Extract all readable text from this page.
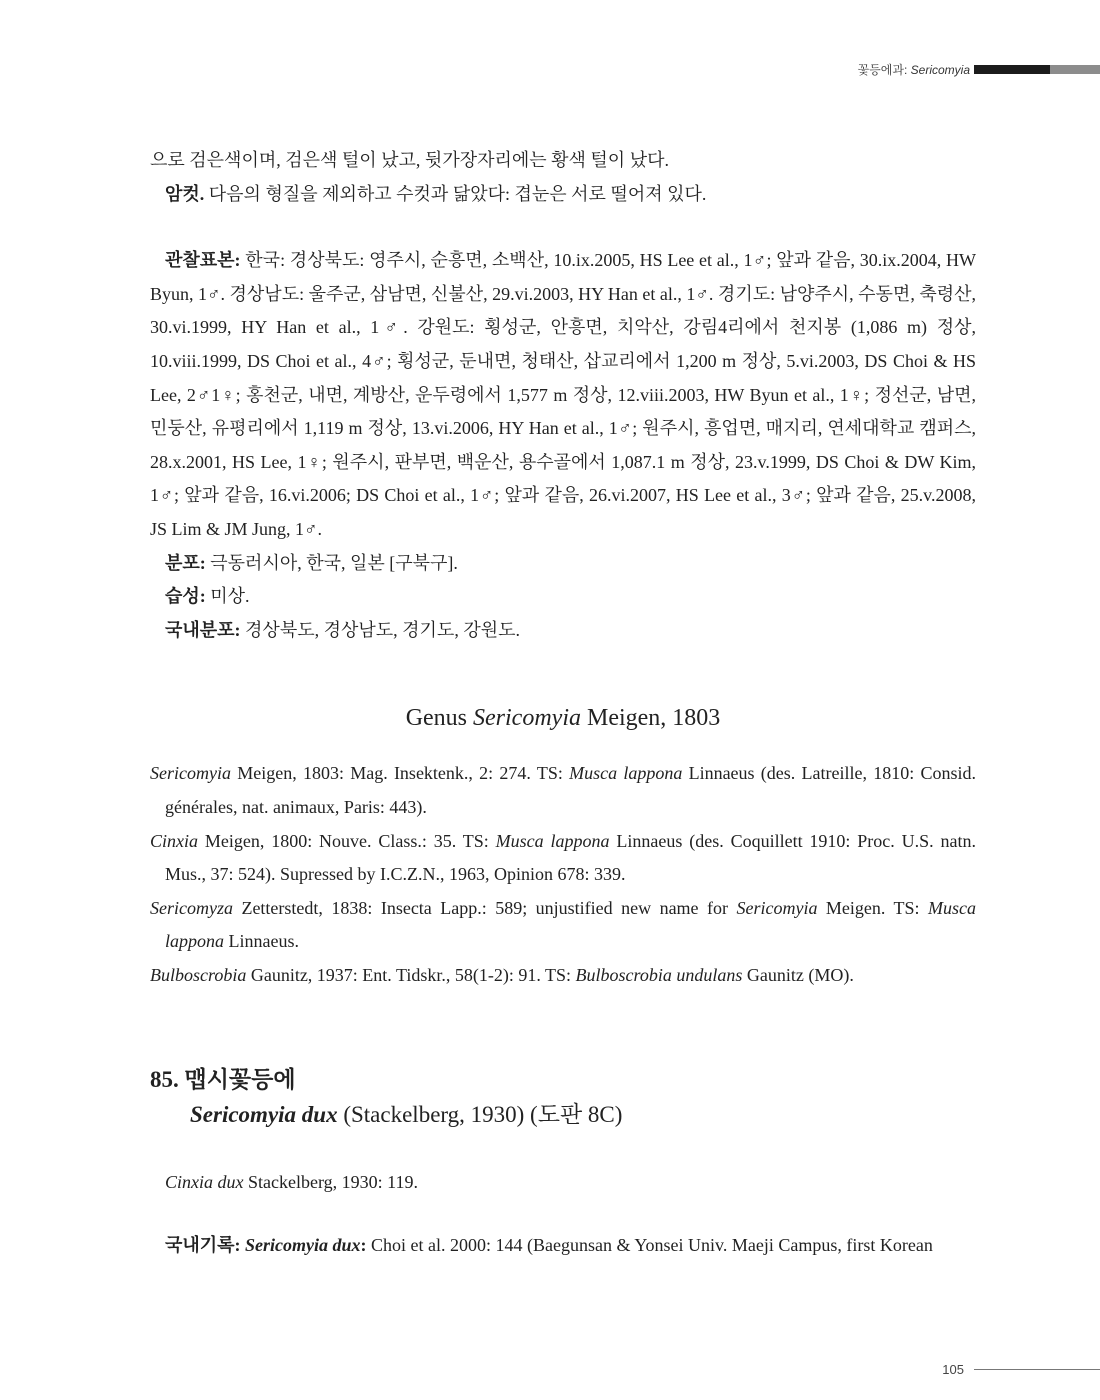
꽃등에과: Sericomyia

으로 검은색이며, 검은색 털이 났고, 뒷가장자리에는 황색 털이 났다.

암컷. 다음의 형질을 제외하고 수컷과 닮았다: 겹눈은 서로 떨어져 있다.

관찰표본: 한국: 경상북도: 영주시, 순흥면, 소백산, 10.ix.2005, HS Lee et al., 1♂; 앞과 같음, 30.ix.2004, HW Byun, 1♂. 경상남도: 울주군, 삼남면, 신불산, 29.vi.2003, HY Han et al., 1♂. 경기도: 남양주시, 수동면, 축령산, 30.vi.1999, HY Han et al., 1♂. 강원도: 횡성군, 안흥면, 치악산, 강림4리에서 천지봉 (1,086 m) 정상, 10.viii.1999, DS Choi et al., 4♂; 횡성군, 둔내면, 청태산, 삽교리에서 1,200 m 정상, 5.vi.2003, DS Choi & HS Lee, 2♂1♀; 홍천군, 내면, 계방산, 운두령에서 1,577 m 정상, 12.viii.2003, HW Byun et al., 1♀; 정선군, 남면, 민둥산, 유평리에서 1,119 m 정상, 13.vi.2006, HY Han et al., 1♂; 원주시, 흥업면, 매지리, 연세대학교 캠퍼스, 28.x.2001, HS Lee, 1♀; 원주시, 판부면, 백운산, 용수골에서 1,087.1 m 정상, 23.v.1999, DS Choi & DW Kim, 1♂; 앞과 같음, 16.vi.2006; DS Choi et al., 1♂; 앞과 같음, 26.vi.2007, HS Lee et al., 3♂; 앞과 같음, 25.v.2008, JS Lim & JM Jung, 1♂.

분포: 극동러시아, 한국, 일본 [구북구].

습성: 미상.

국내분포: 경상북도, 경상남도, 경기도, 강원도.

Genus Sericomyia Meigen, 1803

Sericomyia Meigen, 1803: Mag. Insektenk., 2: 274. TS: Musca lappona Linnaeus (des. Latreille, 1810: Consid. générales, nat. animaux, Paris: 443).

Cinxia Meigen, 1800: Nouve. Class.: 35. TS: Musca lappona Linnaeus (des. Coquillett 1910: Proc. U.S. natn. Mus., 37: 524). Supressed by I.C.Z.N., 1963, Opinion 678: 339.

Sericomyza Zetterstedt, 1838: Insecta Lapp.: 589; unjustified new name for Sericomyia Meigen. TS: Musca lappona Linnaeus.

Bulboscrobia Gaunitz, 1937: Ent. Tidskr., 58(1-2): 91. TS: Bulboscrobia undulans Gaunitz (MO).

85. 맵시꽃등에

Sericomyia dux (Stackelberg, 1930) (도판 8C)

Cinxia dux Stackelberg, 1930: 119.

국내기록: Sericomyia dux: Choi et al. 2000: 144 (Baegunsan & Yonsei Univ. Maeji Campus, first Korean

105
